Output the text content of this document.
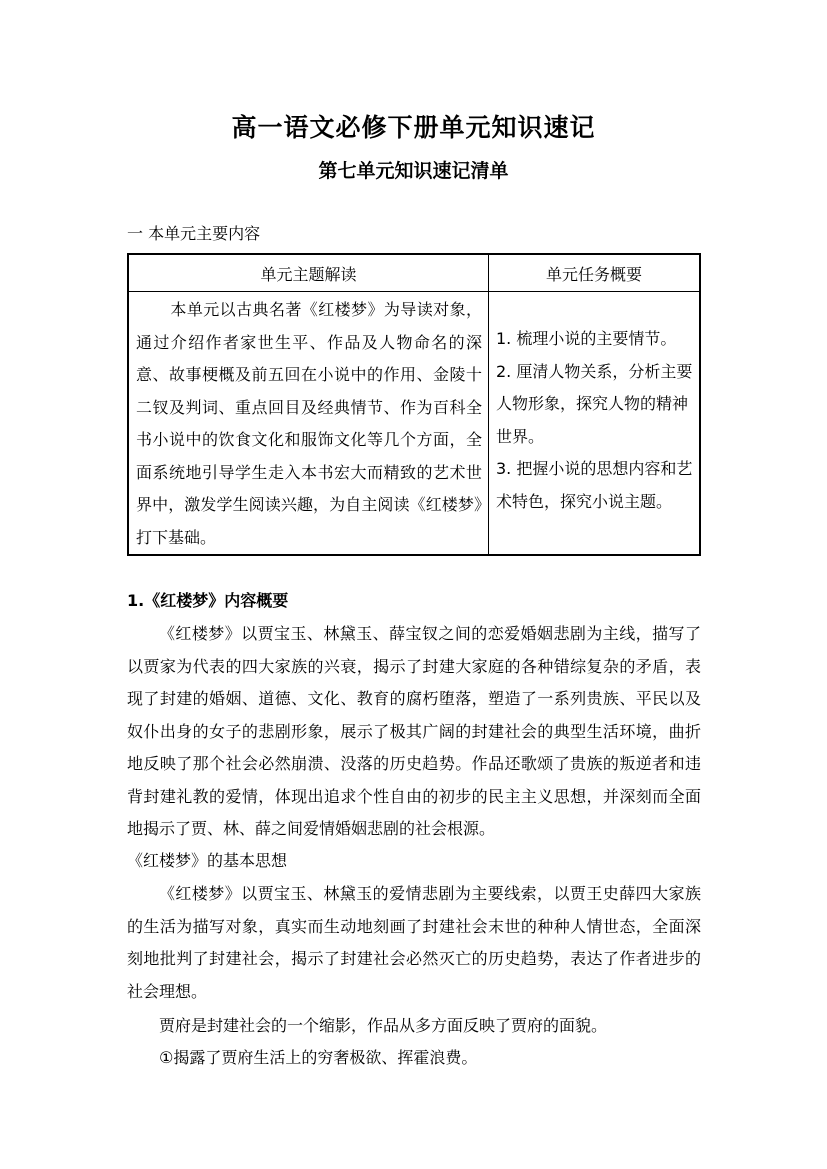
高一语文必修下册单元知识速记
第七单元知识速记清单
一 本单元主要内容
单元主题解读	单元任务概要
本单元以古典名著《红楼梦》为导读对象，通过介绍作者家世生平、作品及人物命名的深意、故事梗概及前五回在小说中的作用、金陵十二钗及判词、重点回目及经典情节、作为百科全书小说中的饮食文化和服饰文化等几个方面，全面系统地引导学生走入本书宏大而精致的艺术世界中，激发学生阅读兴趣，为自主阅读《红楼梦》打下基础。	1. 梳理小说的主要情节。
2. 厘清人物关系，分析主要人物形象，探究人物的精神世界。
3. 把握小说的思想内容和艺术特色，探究小说主题。
1.《红楼梦》内容概要

《红楼梦》以贾宝玉、林黛玉、薛宝钗之间的恋爱婚姻悲剧为主线，描写了以贾家为代表的四大家族的兴衰，揭示了封建大家庭的各种错综复杂的矛盾，表现了封建的婚姻、道德、文化、教育的腐朽堕落，塑造了一系列贵族、平民以及奴仆出身的女子的悲剧形象，展示了极其广阔的封建社会的典型生活环境，曲折地反映了那个社会必然崩溃、没落的历史趋势。作品还歌颂了贵族的叛逆者和违背封建礼教的爱情，体现出追求个性自由的初步的民主主义思想，并深刻而全面地揭示了贾、林、薛之间爱情婚姻悲剧的社会根源。

《红楼梦》的基本思想

《红楼梦》以贾宝玉、林黛玉的爱情悲剧为主要线索，以贾王史薛四大家族的生活为描写对象，真实而生动地刻画了封建社会末世的种种人情世态，全面深刻地批判了封建社会，揭示了封建社会必然灭亡的历史趋势，表达了作者进步的社会理想。

贾府是封建社会的一个缩影，作品从多方面反映了贾府的面貌。

①揭露了贾府生活上的穷奢极欲、挥霍浪费。
